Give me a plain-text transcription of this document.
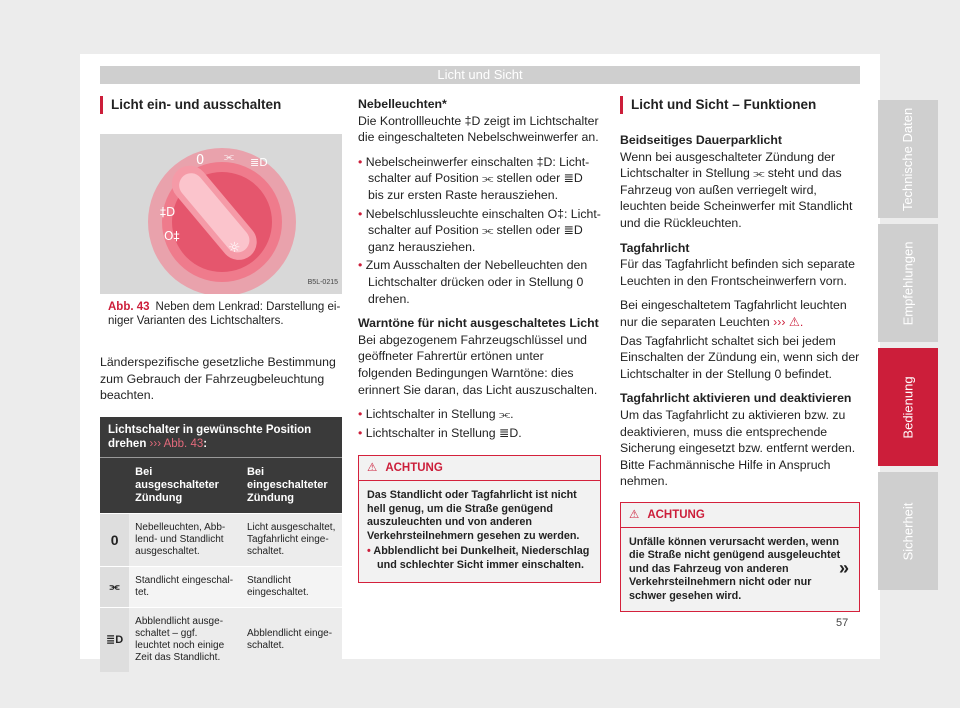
Licht und Sicht
Licht ein- und ausschalten
0 ⫘ ≣D
‡D
O‡
☼
B5L-0215
Abb. 43 Neben dem Lenkrad: Darstellung einiger Varianten des Lichtschalters.

Länderspezifische gesetzliche Bestimmung zum Gebrauch der Fahrzeugbeleuchtung beachten.

Lichtschalter in gewünschte Position drehen ››› Abb. 43:		
	Bei ausgeschalteter Zündung	Bei eingeschalteter Zündung
0	Nebelleuchten, Abblend- und Standlicht ausgeschaltet.	Licht ausgeschaltet, Tagfahrlicht eingeschaltet.
⫘	Standlicht eingeschaltet.	Standlicht eingeschaltet.
≣D	Abblendlicht ausgeschaltet – ggf. leuchtet noch einige Zeit das Standlicht.	Abblendlicht eingeschaltet.
Nebelleuchten*

Die Kontrollleuchte ‡D zeigt im Lichtschalter die eingeschalteten Nebelschweinwerfer an.

• Nebelscheinwerfer einschalten ‡D: Lichtschalter auf Position ⫘ stellen oder ≣D bis zur ersten Raste herausziehen.
• Nebelschlussleuchte einschalten O‡: Lichtschalter auf Position ⫘ stellen oder ≣D ganz herausziehen.
• Zum Ausschalten der Nebelleuchten den Lichtschalter drücken oder in Stellung 0 drehen.
Warntöne für nicht ausgeschaltetes Licht

Bei abgezogenem Fahrzeugschlüssel und geöffneter Fahrertür ertönen unter folgenden Bedingungen Warntöne: dies erinnert Sie daran, das Licht auszuschalten.

• Lichtschalter in Stellung ⫘.
• Lichtschalter in Stellung ≣D.
⚠ ACHTUNG
Das Standlicht oder Tagfahrlicht ist nicht hell genug, um die Straße genügend auszuleuchten und von anderen Verkehrsteilnehmern gesehen zu werden.
• Abblendlicht bei Dunkelheit, Niederschlag und schlechter Sicht immer einschalten.
Licht und Sicht – Funktionen
Beidseitiges Dauerparklicht

Wenn bei ausgeschalteter Zündung der Lichtschalter in Stellung ⫘ steht und das Fahrzeug von außen verriegelt wird, leuchten beide Scheinwerfer mit Standlicht und die Rückleuchten.

Tagfahrlicht

Für das Tagfahrlicht befinden sich separate Leuchten in den Frontscheinwerfern vorn.

Bei eingeschaltetem Tagfahrlicht leuchten nur die separaten Leuchten ››› ⚠.

Das Tagfahrlicht schaltet sich bei jedem Einschalten der Zündung ein, wenn sich der Lichtschalter in der Stellung 0 befindet.

Tagfahrlicht aktivieren und deaktivieren

Um das Tagfahrlicht zu aktivieren bzw. zu deaktivieren, muss die entsprechende Sicherung eingesetzt bzw. entfernt werden. Bitte Fachmännische Hilfe in Anspruch nehmen.

⚠ ACHTUNG
Unfälle können verursacht werden, wenn die Straße nicht genügend ausgeleuchtet und das Fahrzeug von anderen Verkehrsteilnehmern nicht oder nur schwer gesehen wird.
»
Technische Daten
Empfehlungen
Bedienung
Sicherheit
57
